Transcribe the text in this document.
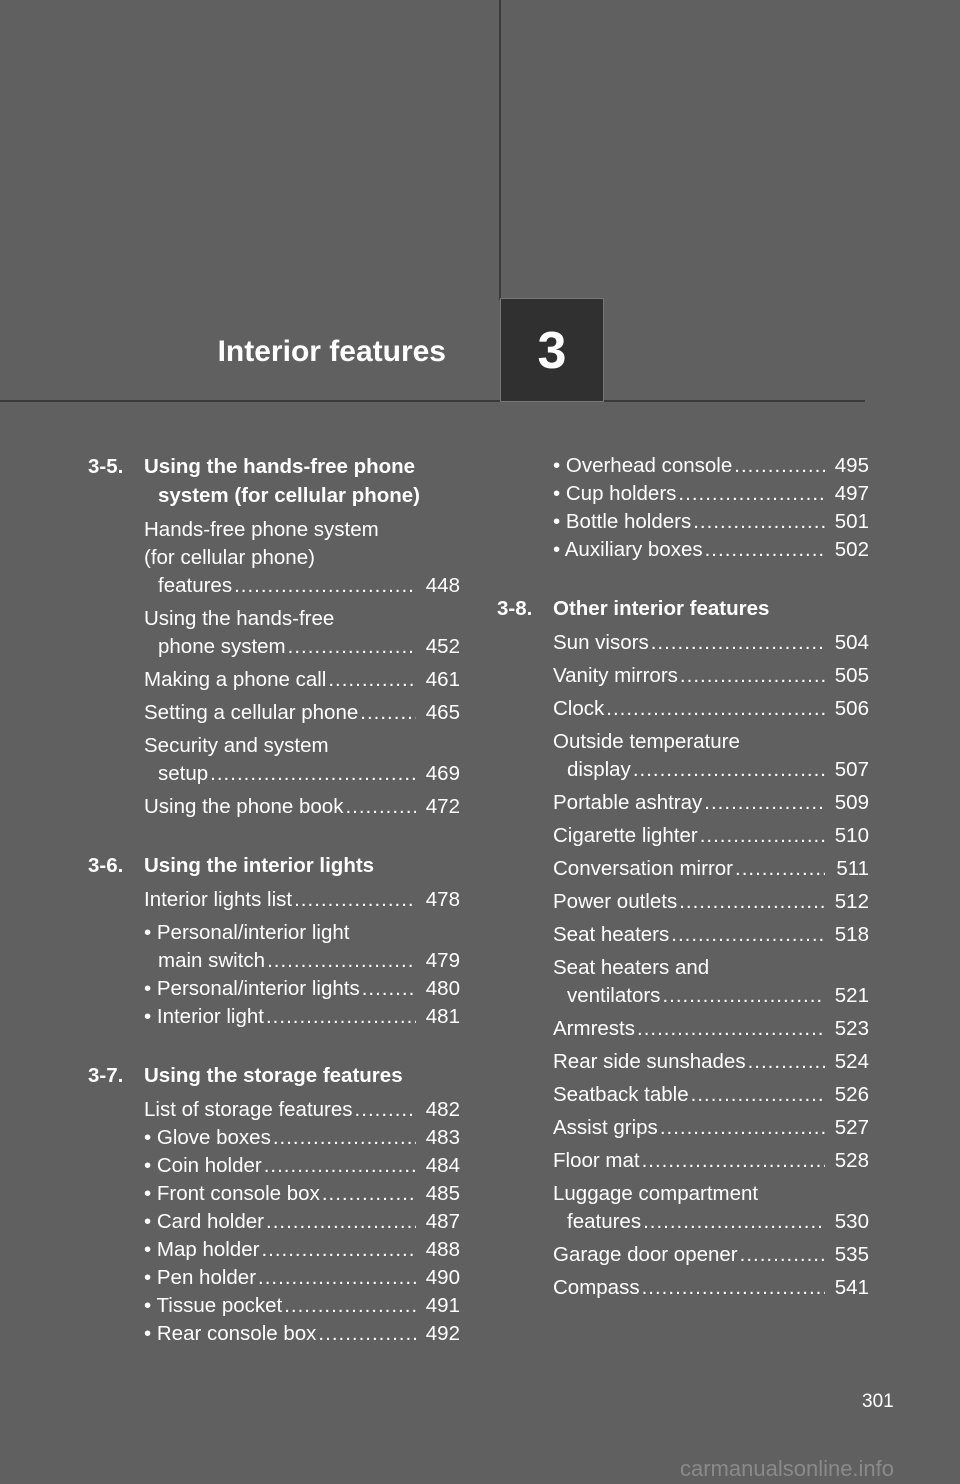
Interior features	3
3-5.	Using the hands-free phone
system (for cellular phone)
Hands-free phone system
(for cellular phone)
features .....	448
Using the hands-free
phone system .....	452
Making a phone call .....	461
Setting a cellular phone .....	465
Security and system
setup .....	469
Using the phone book .....	472
3-6.	Using the interior lights
Interior lights list .....	478
• Personal/interior light
main switch .....	479
• Personal/interior lights .....	480
• Interior light .....	481
3-7.	Using the storage features
List of storage features .....	482
• Glove boxes .....	483
• Coin holder .....	484
• Front console box .....	485
• Card holder .....	487
• Map holder .....	488
• Pen holder .....	490
• Tissue pocket .....	491
• Rear console box .....	492
• Overhead console .....	495
• Cup holders .....	497
• Bottle holders .....	501
• Auxiliary boxes .....	502
3-8.	Other interior features
Sun visors .....	504
Vanity mirrors .....	505
Clock .....	506
Outside temperature
display .....	507
Portable ashtray .....	509
Cigarette lighter .....	510
Conversation mirror .....	511
Power outlets .....	512
Seat heaters .....	518
Seat heaters and
ventilators .....	521
Armrests .....	523
Rear side sunshades .....	524
Seatback table .....	526
Assist grips .....	527
Floor mat .....	528
Luggage compartment
features .....	530
Garage door opener .....	535
Compass .....	541
301
carmanualsonline.info
